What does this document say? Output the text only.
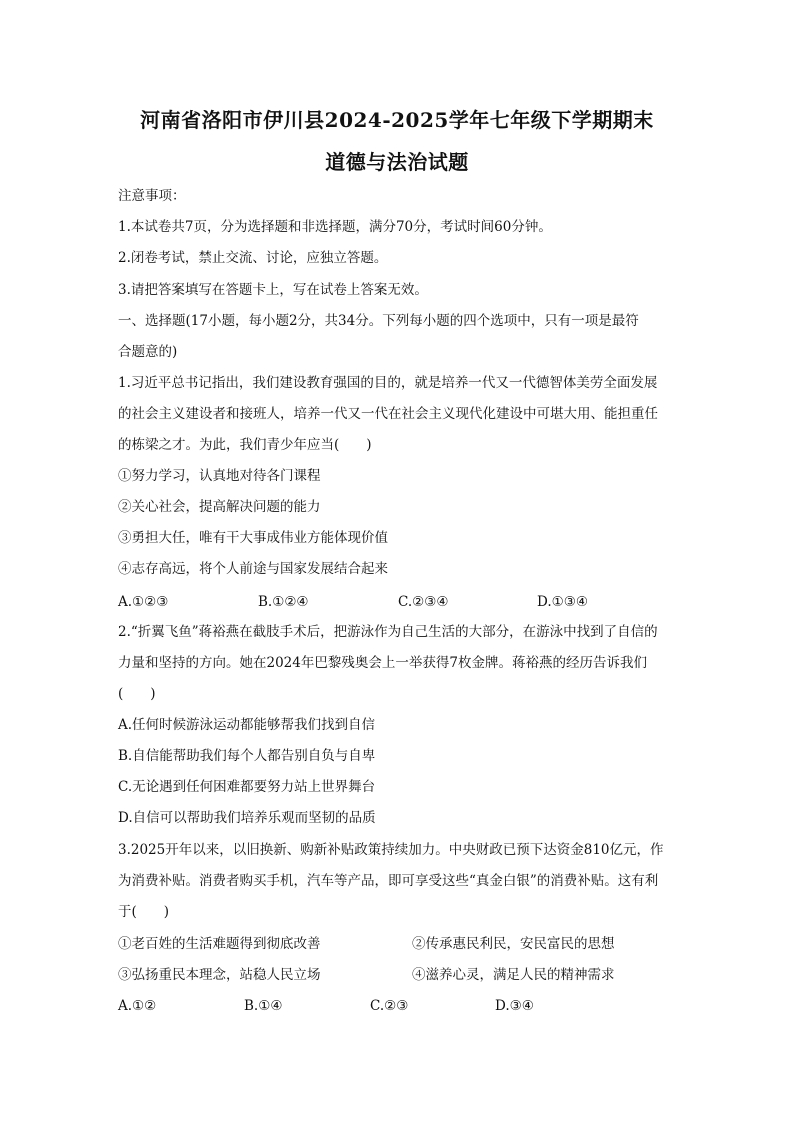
河南省洛阳市伊川县2024-2025学年七年级下学期期末
道德与法治试题
注意事项：
1.本试卷共7页，分为选择题和非选择题，满分70分，考试时间60分钟。
2.闭卷考试，禁止交流、讨论，应独立答题。
3.请把答案填写在答题卡上，写在试卷上答案无效。
一、选择题(17小题，每小题2分，共34分。下列每小题的四个选项中，只有一项是最符
合题意的)
1.习近平总书记指出，我们建设教育强国的目的，就是培养一代又一代德智体美劳全面发展
的社会主义建设者和接班人，培养一代又一代在社会主义现代化建设中可堪大用、能担重任
的栋梁之才。为此，我们青少年应当(　　)
①努力学习，认真地对待各门课程
②关心社会，提高解决问题的能力
③勇担大任，唯有干大事成伟业方能体现价值
④志存高远，将个人前途与国家发展结合起来
A.①②③	B.①②④	C.②③④	D.①③④
2.“折翼飞鱼”蒋裕燕在截肢手术后，把游泳作为自己生活的大部分，在游泳中找到了自信的
力量和坚持的方向。她在2024年巴黎残奥会上一举获得7枚金牌。蒋裕燕的经历告诉我们
(　　)
A.任何时候游泳运动都能够帮我们找到自信
B.自信能帮助我们每个人都告别自负与自卑
C.无论遇到任何困难都要努力站上世界舞台
D.自信可以帮助我们培养乐观而坚韧的品质
3.2025开年以来，以旧换新、购新补贴政策持续加力。中央财政已预下达资金810亿元，作
为消费补贴。消费者购买手机，汽车等产品，即可享受这些“真金白银”的消费补贴。这有利
于(　　)
①老百姓的生活难题得到彻底改善	②传承惠民利民，安民富民的思想
③弘扬重民本理念，站稳人民立场	④滋养心灵，满足人民的精神需求
A.①②	B.①④	C.②③	D.③④
